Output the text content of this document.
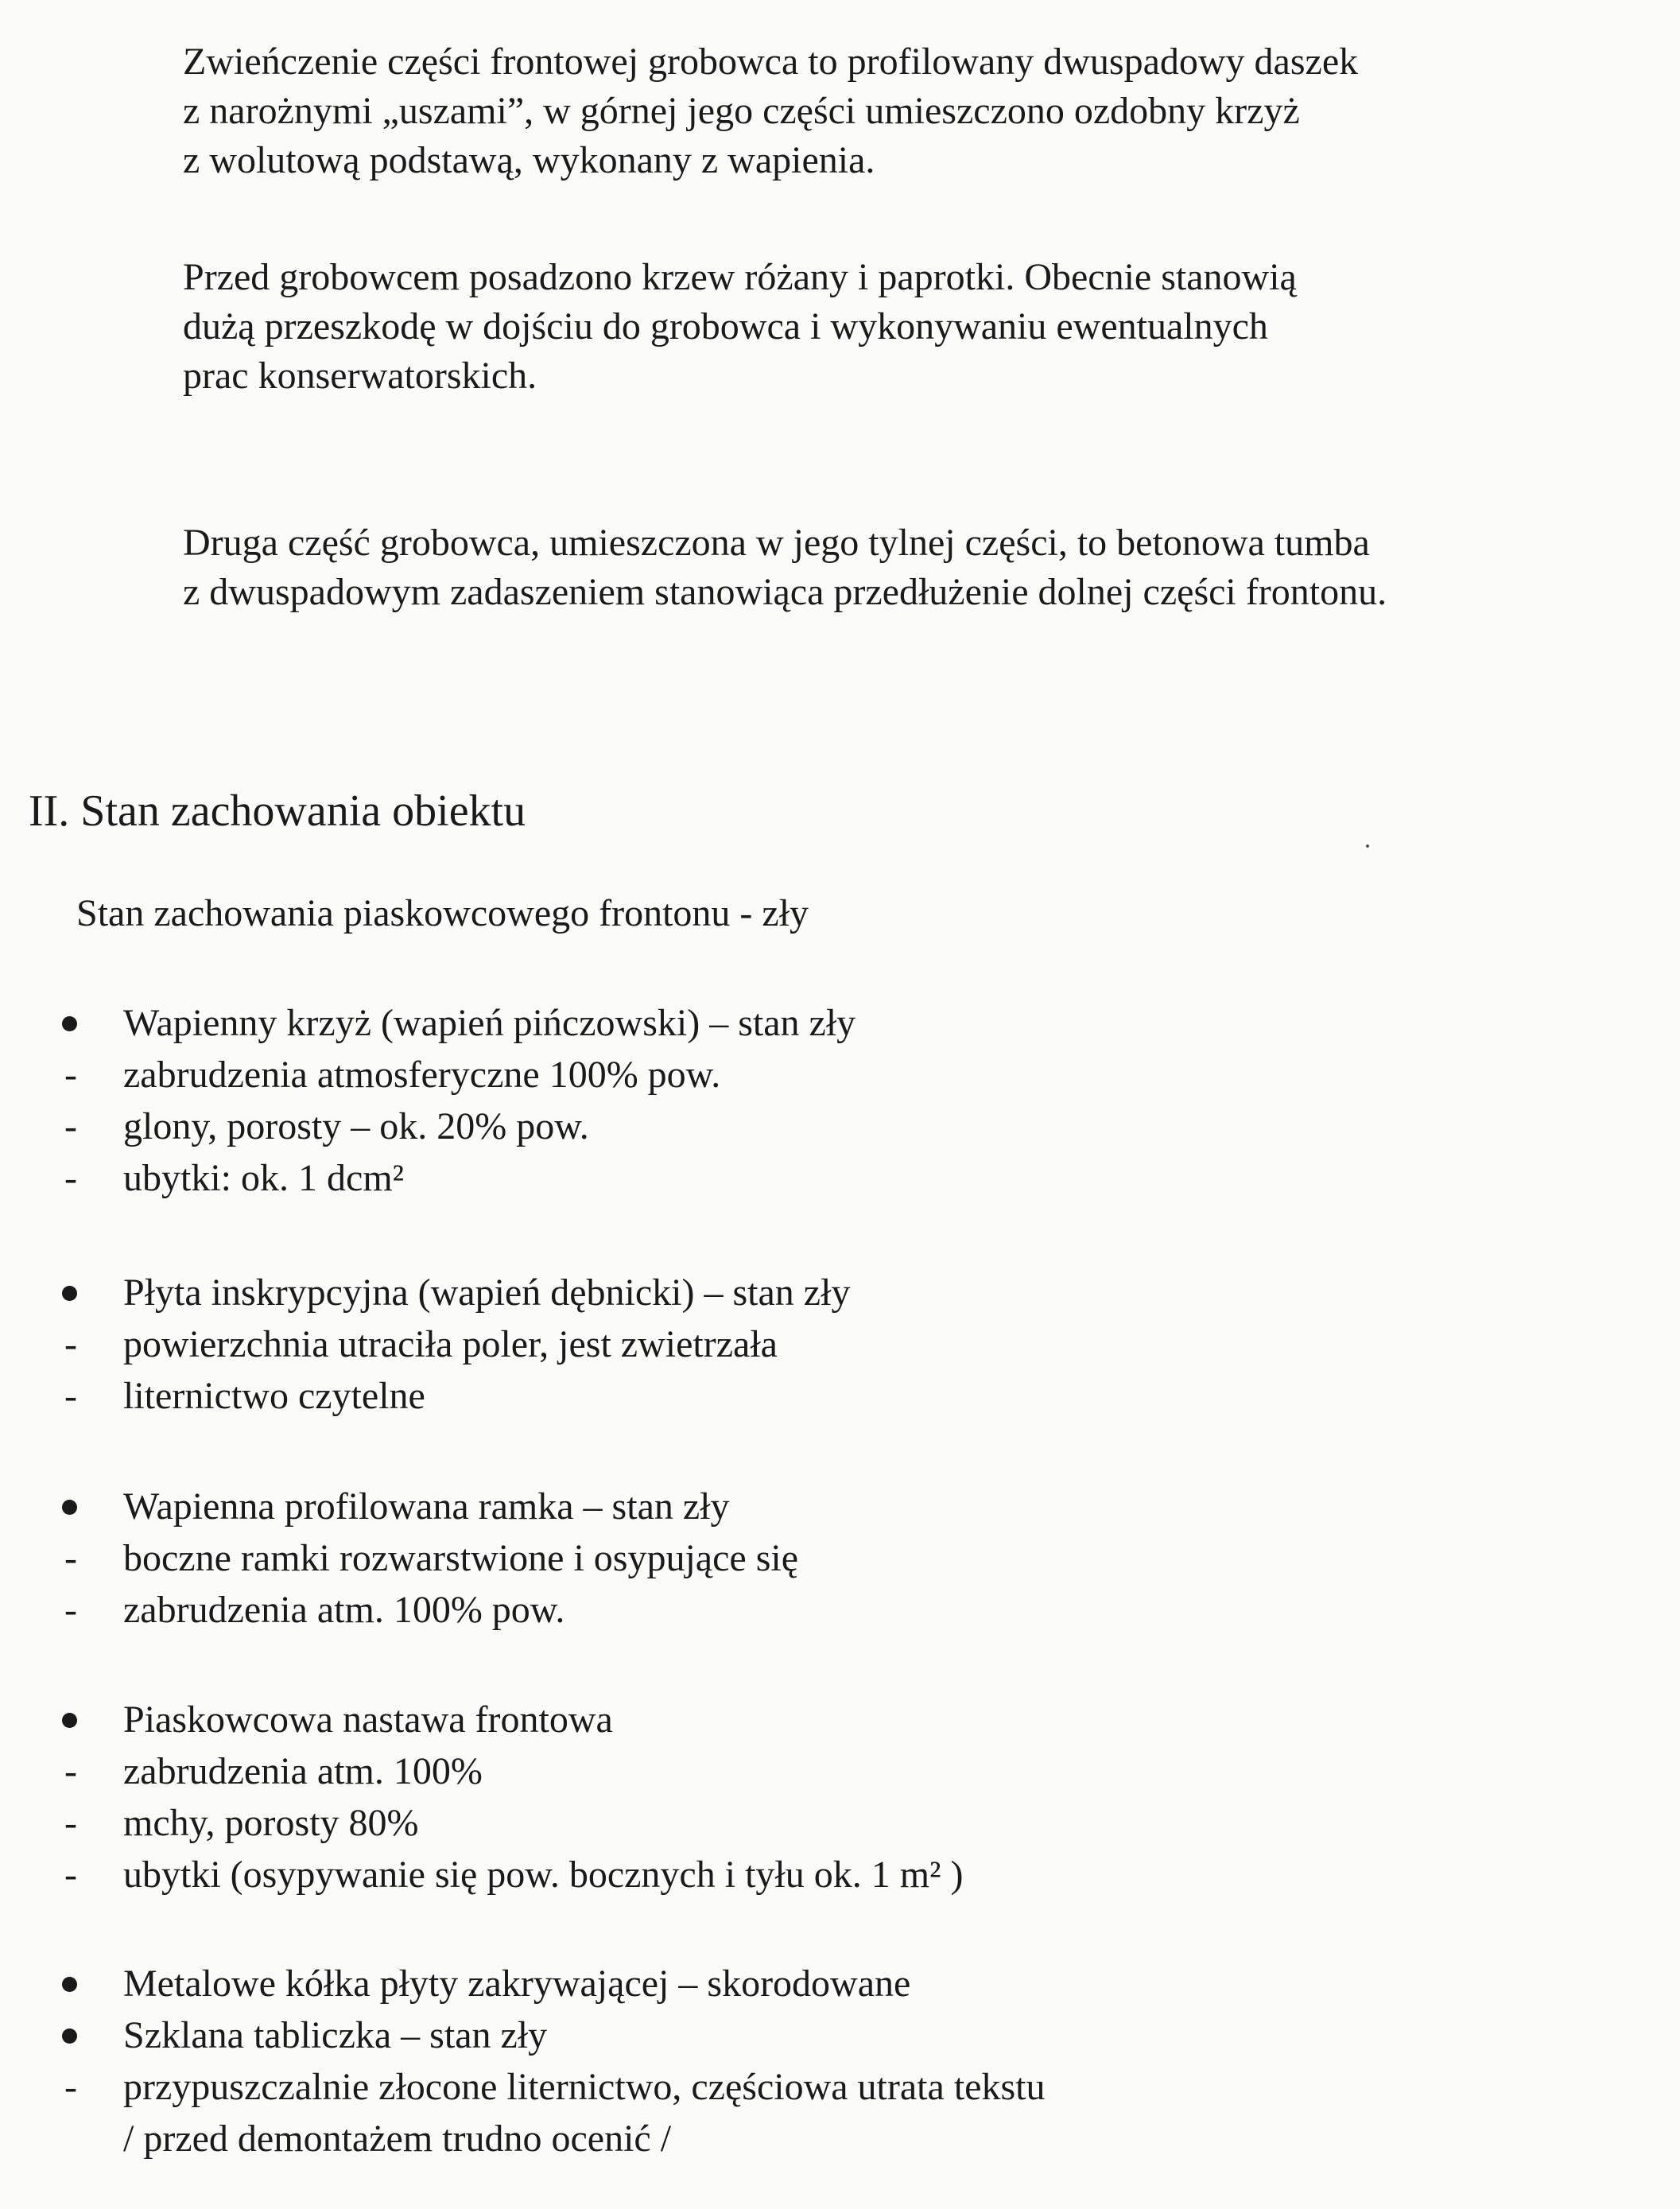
Zwieńczenie części frontowej grobowca to profilowany dwuspadowy daszek
z narożnymi „uszami”, w górnej jego części umieszczono ozdobny krzyż
z wolutową podstawą, wykonany z wapienia.

Przed grobowcem posadzono krzew różany i paprotki. Obecnie stanowią
dużą przeszkodę w dojściu do grobowca i wykonywaniu ewentualnych
prac konserwatorskich.

Druga część grobowca, umieszczona w jego tylnej części, to betonowa tumba
z dwuspadowym zadaszeniem stanowiąca przedłużenie dolnej części frontonu.

II. Stan zachowania obiektu

Stan zachowania piaskowcowego frontonu - zły

Wapienny krzyż (wapień pińczowski) – stan zły
- zabrudzenia atmosferyczne 100% pow.
- glony, porosty – ok. 20% pow.
- ubytki: ok. 1 dcm²
Płyta inskrypcyjna (wapień dębnicki) – stan zły
- powierzchnia utraciła poler, jest zwietrzała
- liternictwo czytelne
Wapienna profilowana ramka – stan zły
- boczne ramki rozwarstwione i osypujące się
- zabrudzenia atm. 100% pow.
Piaskowcowa nastawa frontowa
- zabrudzenia atm. 100%
- mchy, porosty 80%
- ubytki (osypywanie się pow. bocznych i tyłu ok. 1 m² )
Metalowe kółka płyty zakrywającej – skorodowane
Szklana tabliczka – stan zły
- przypuszczalnie złocone liternictwo, częściowa utrata tekstu
/ przed demontażem trudno ocenić /
